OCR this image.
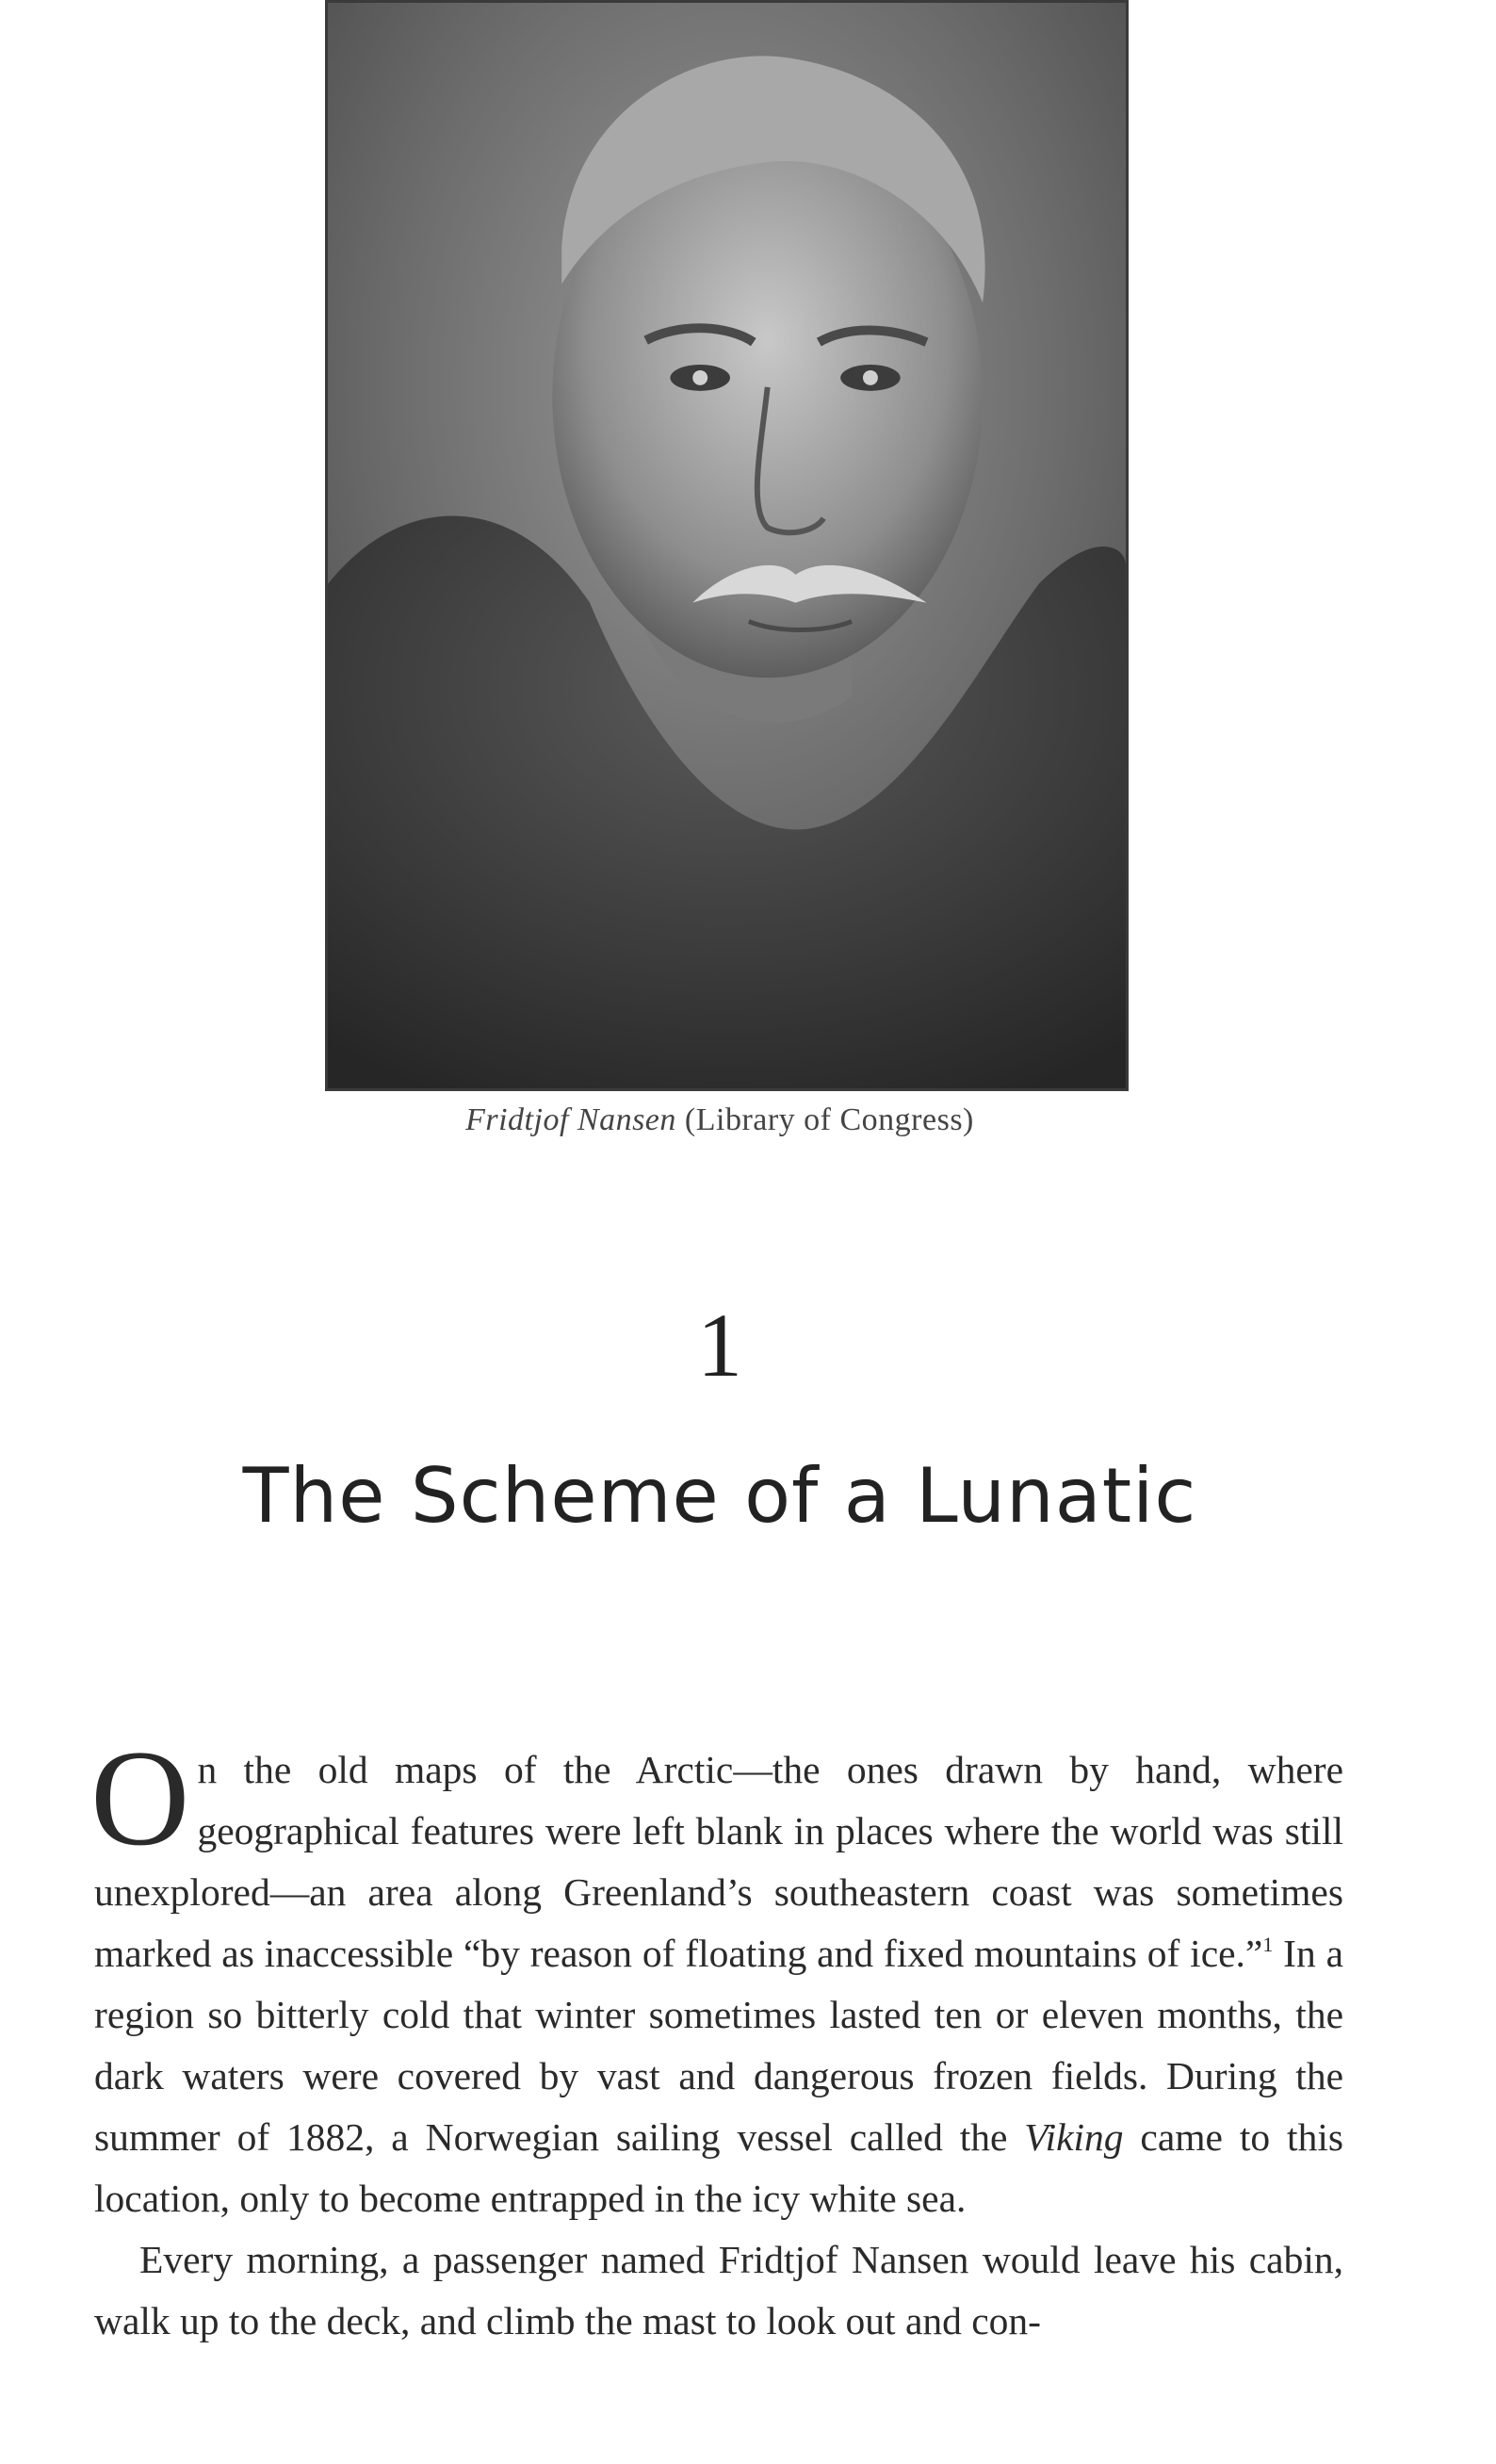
Fridtjof Nansen (Library of Congress)
1
The Scheme of a Lunatic

On the old maps of the Arctic—the ones drawn by hand, where geographical features were left blank in places where the world was still unexplored—an area along Greenland’s southeastern coast was sometimes marked as inaccessible “by reason of floating and fixed mountains of ice.”$^1$ In a region so bitterly cold that winter sometimes lasted ten or eleven months, the dark waters were covered by vast and dangerous frozen fields. During the summer of 1882, a Norwegian sailing vessel called the Viking came to this location, only to become entrapped in the icy white sea.

Every morning, a passenger named Fridtjof Nansen would leave his cabin, walk up to the deck, and climb the mast to look out and con-
